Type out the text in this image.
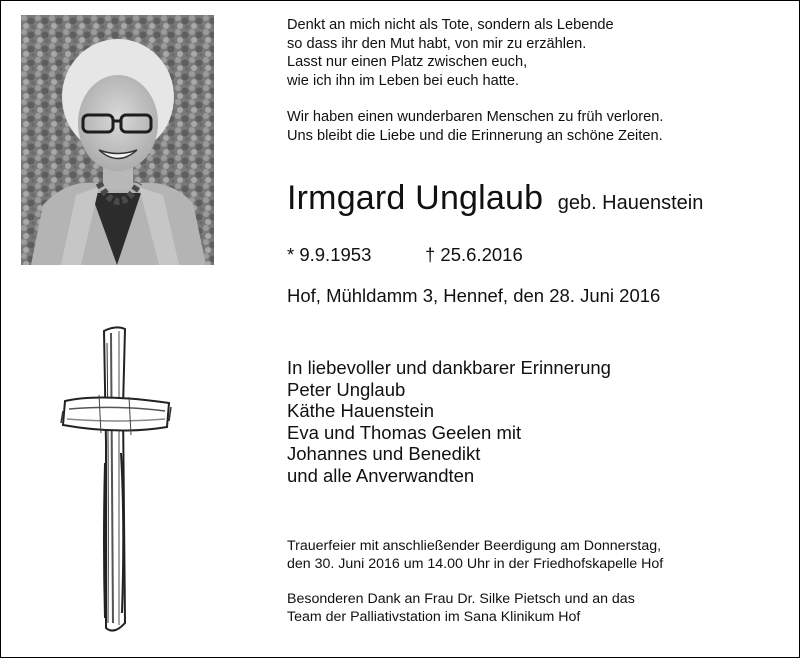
Denkt an mich nicht als Tote, sondern als Lebende

so dass ihr den Mut habt, von mir zu erzählen.

Lasst nur einen Platz zwischen euch,

wie ich ihn im Leben bei euch hatte.

Wir haben einen wunderbaren Menschen zu früh verloren.

Uns bleibt die Liebe und die Erinnerung an schöne Zeiten.

Irmgard Unglaub geb. Hauenstein
* 9.9.1953	† 25.6.2016
Hof, Mühldamm 3, Hennef, den 28. Juni 2016
In liebevoller und dankbarer Erinnerung
Peter Unglaub
Käthe Hauenstein
Eva und Thomas Geelen mit
Johannes und Benedikt
und alle Anverwandten
Trauerfeier mit anschließender Beerdigung am Donnerstag,
den 30. Juni 2016 um 14.00 Uhr in der Friedhofskapelle Hof
Besonderen Dank an Frau Dr. Silke Pietsch und an das
Team der Palliativstation im Sana Klinikum Hof
